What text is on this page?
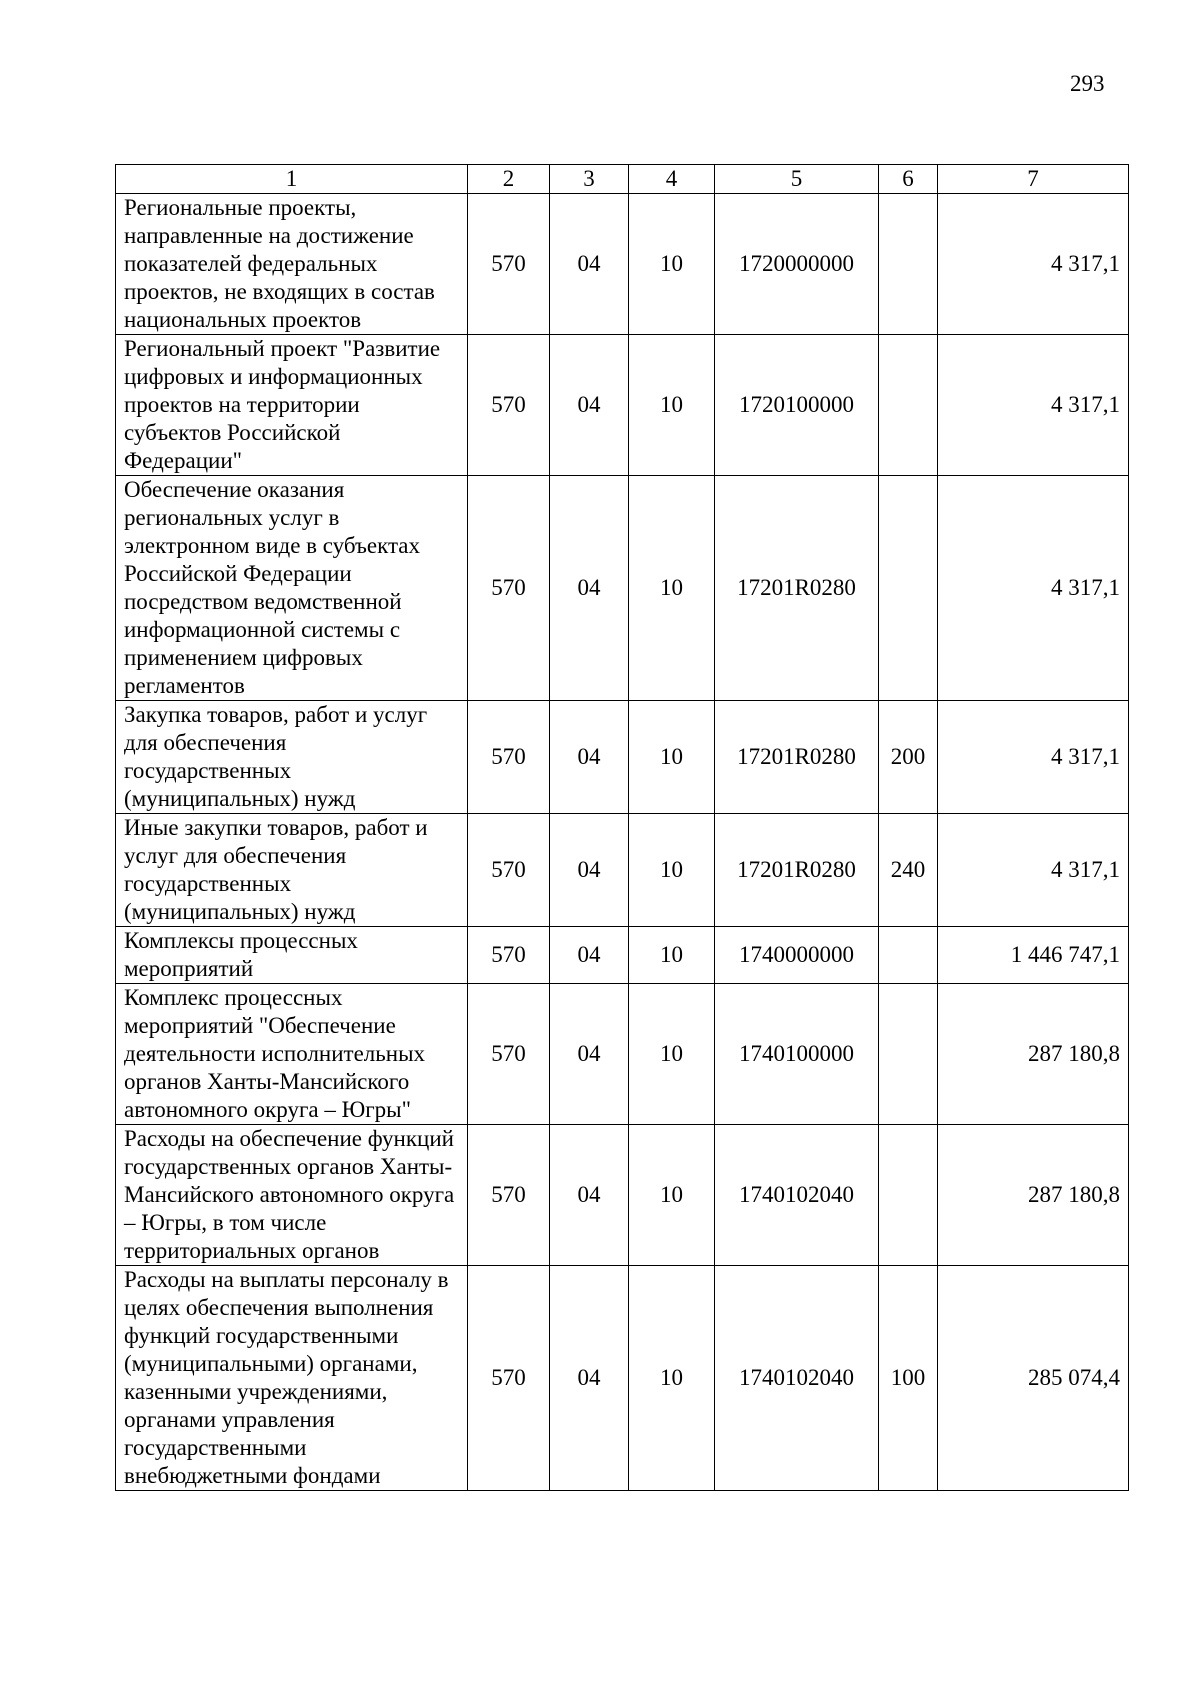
293
1	2	3	4	5	6	7
Региональные проекты, направленные на достижение показателей федеральных проектов, не входящих в состав национальных проектов	570	04	10	1720000000		4 317,1
Региональный проект "Развитие цифровых и информационных проектов на территории субъектов Российской Федерации"	570	04	10	1720100000		4 317,1
Обеспечение оказания региональных услуг в электронном виде в субъектах Российской Федерации посредством ведомственной информационной системы с применением цифровых регламентов	570	04	10	17201R0280		4 317,1
Закупка товаров, работ и услуг для обеспечения государственных (муниципальных) нужд	570	04	10	17201R0280	200	4 317,1
Иные закупки товаров, работ и услуг для обеспечения государственных (муниципальных) нужд	570	04	10	17201R0280	240	4 317,1
Комплексы процессных мероприятий	570	04	10	1740000000		1 446 747,1
Комплекс процессных мероприятий "Обеспечение деятельности исполнительных органов Ханты-Мансийского автономного округа – Югры"	570	04	10	1740100000		287 180,8
Расходы на обеспечение функций государственных органов Ханты-Мансийского автономного округа – Югры, в том числе территориальных органов	570	04	10	1740102040		287 180,8
Расходы на выплаты персоналу в целях обеспечения выполнения функций государственными (муниципальными) органами, казенными учреждениями, органами управления государственными внебюджетными фондами	570	04	10	1740102040	100	285 074,4
